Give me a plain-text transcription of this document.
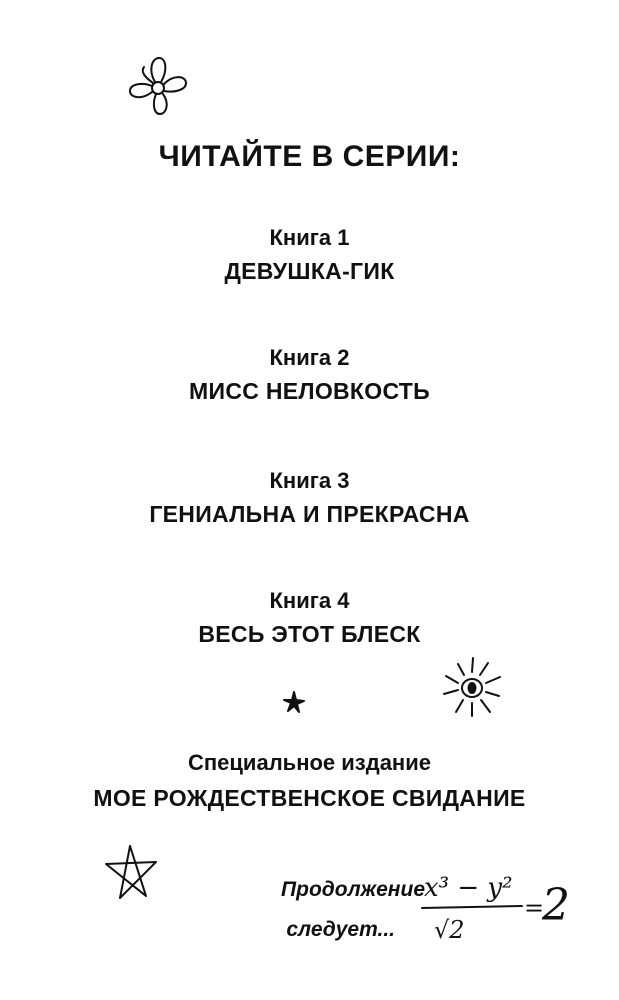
ЧИТАЙТЕ В СЕРИИ:
Книга 1
ДЕВУШКА-ГИК
Книга 2
МИСС НЕЛОВКОСТЬ
Книга 3
ГЕНИАЛЬНА И ПРЕКРАСНА
Книга 4
ВЕСЬ ЭТОТ БЛЕСК
Специальное издание
МОЕ РОЖДЕСТВЕНСКОЕ СВИДАНИЕ
Продолжение
следует...
x³ − y²
√2
=
2
